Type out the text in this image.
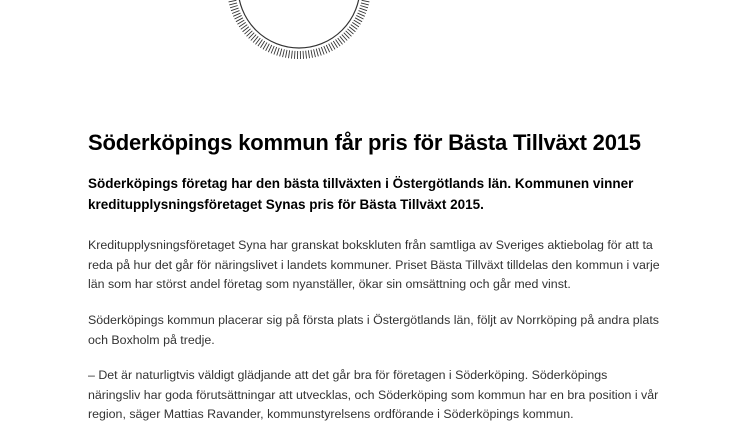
Söderköpings kommun får pris för Bästa Tillväxt 2015

Söderköpings företag har den bästa tillväxten i Östergötlands län. Kommunen vinner kreditupplysningsföretaget Synas pris för Bästa Tillväxt 2015.

Kreditupplysningsföretaget Syna har granskat bokskluten från samtliga av Sveriges aktiebolag för att ta reda på hur det går för näringslivet i landets kommuner. Priset Bästa Tillväxt tilldelas den kommun i varje län som har störst andel företag som nyanställer, ökar sin omsättning och går med vinst.

Söderköpings kommun placerar sig på första plats i Östergötlands län, följt av Norrköping på andra plats och Boxholm på tredje.

– Det är naturligtvis väldigt glädjande att det går bra för företagen i Söderköping. Söderköpings näringsliv har goda förutsättningar att utvecklas, och Söderköping som kommun har en bra position i vår region, säger Mattias Ravander, kommunstyrelsens ordförande i Söderköpings kommun.
